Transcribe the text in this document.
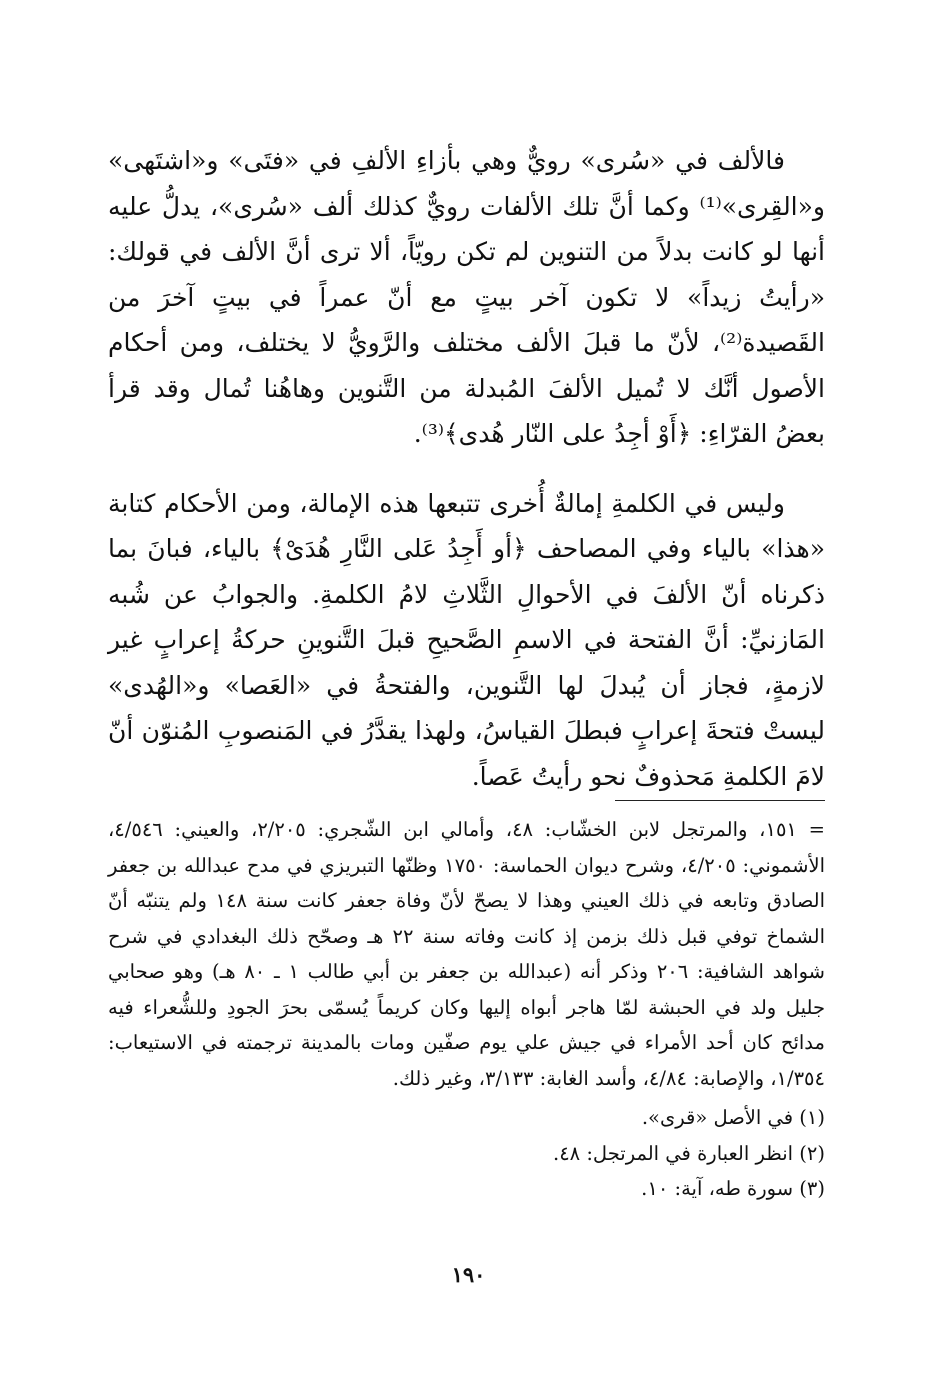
فالألف في «سُرى» رويٌّ وهي بأزاءِ الألفِ في «فتَى» و«اشتَهى» و«القِرى»⁽¹⁾ وكما أنَّ تلك الألفات رويٌّ كذلك ألف «سُرى»، يدلُّ عليه أنها لو كانت بدلاً من التنوين لم تكن رويّاً، ألا ترى أنَّ الألف في قولك: «رأيتُ زيداً» لا تكون آخر بيتٍ مع أنّ عمراً في بيتٍ آخرَ من القَصيدة⁽²⁾، لأنّ ما قبلَ الألف مختلف والرَّويُّ لا يختلف، ومن أحكام الأصول أنَّك لا تُميل الألفَ المُبدلة من التَّنوين وهاهُنا تُمال وقد قرأ بعضُ القرّاءِ: ﴿أَوْ أجِدُ على النّار هُدى﴾⁽³⁾.

وليس في الكلمةِ إمالةٌ أُخرى تتبعها هذه الإمالة، ومن الأحكام كتابة «هذا» بالياء وفي المصاحف ﴿أو أَجِدُ عَلى النَّارِ هُدَىْ﴾ بالياء، فبانَ بما ذكرناه أنّ الألفَ في الأحوالِ الثَّلاثِ لامُ الكلمةِ. والجوابُ عن شُبه المَازنيِّ: أنَّ الفتحة في الاسمِ الصَّحيحِ قبلَ التَّنوينِ حركةُ إعرابٍ غير لازمةٍ، فجاز أن يُبدلَ لها التَّنوين، والفتحةُ في «العَصا» و«الهُدى» ليستْ فتحةَ إعرابٍ فبطلَ القياسُ، ولهذا يقدَّرُ في المَنصوبِ المُنوّن أنّ لامَ الكلمةِ مَحذوفٌ نحو رأيتُ عَصاً.

= ١٥١، والمرتجل لابن الخشّاب: ٤٨، وأمالي ابن الشّجري: ٢/٢٠٥، والعيني: ٤/٥٤٦، الأشموني: ٤/٢٠٥، وشرح ديوان الحماسة: ١٧٥٠ وظنّها التبريزي في مدح عبدالله بن جعفر الصادق وتابعه في ذلك العيني وهذا لا يصحّ لأنّ وفاة جعفر كانت سنة ١٤٨ ولم يتنبّه أنّ الشماخ توفي قبل ذلك بزمن إذ كانت وفاته سنة ٢٢ هـ وصحّح ذلك البغدادي في شرح شواهد الشافية: ٢٠٦ وذكر أنه (عبدالله بن جعفر بن أبي طالب ١ ـ ٨٠ هـ) وهو صحابي جليل ولد في الحبشة لمّا هاجر أبواه إليها وكان كريماً يُسمّى بحرَ الجودِ وللشُّعراء فيه مدائح كان أحد الأمراء في جيش علي يوم صفّين ومات بالمدينة ترجمته في الاستيعاب: ١/٣٥٤، والإصابة: ٤/٨٤، وأسد الغابة: ٣/١٣٣، وغير ذلك.

(١) في الأصل «قرى».
(٢) انظر العبارة في المرتجل: ٤٨.
(٣) سورة طه، آية: ١٠.
١٩٠
